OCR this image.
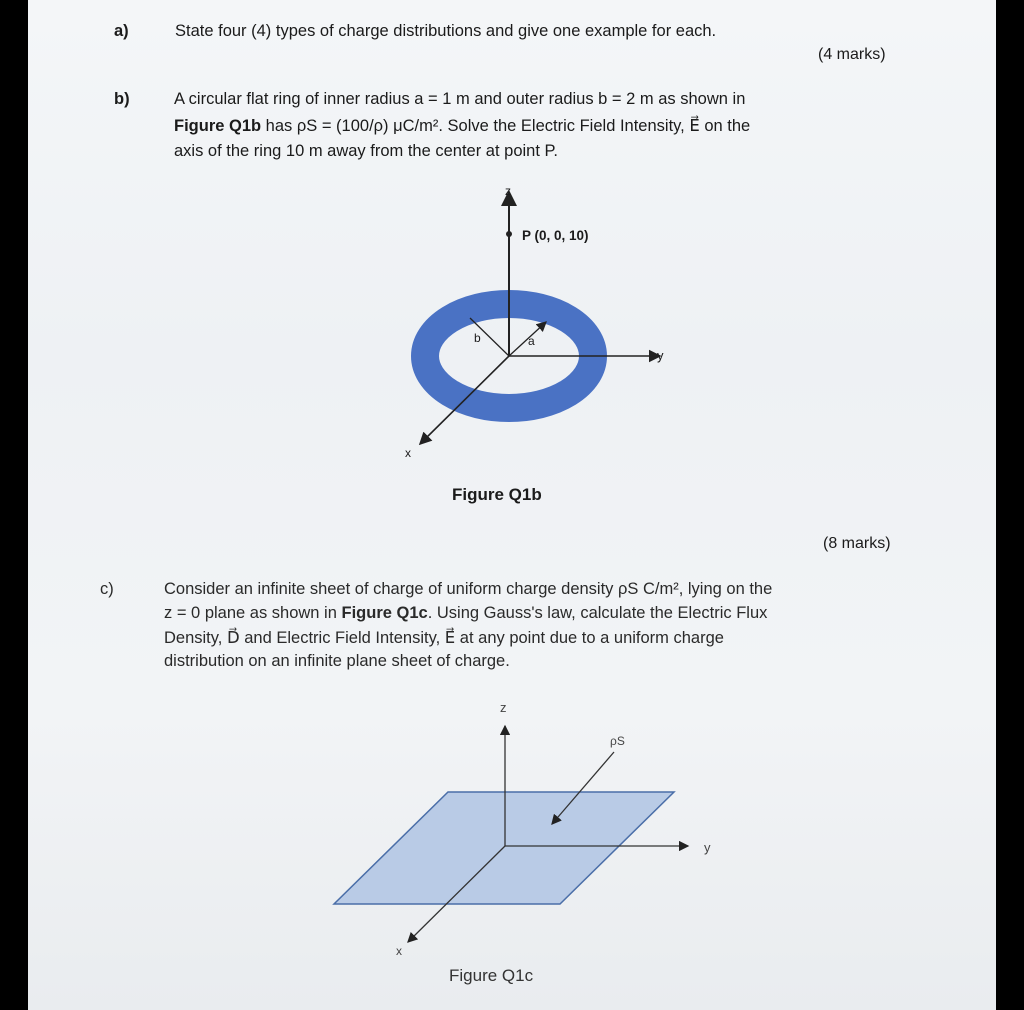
a)	State four (4) types of charge distributions and give one example for each.
(4 marks)
b)	A circular flat ring of inner radius a = 1 m and outer radius b = 2 m as shown in
Figure Q1b has ρS = (100/ρ) μC/m². Solve the Electric Field Intensity, E⃗ on the
axis of the ring 10 m away from the center at point P.
z
P (0, 0, 10)
y
x
b	a
Figure Q1b
(8 marks)
c)	Consider an infinite sheet of charge of uniform charge density ρS C/m², lying on the
z = 0 plane as shown in Figure Q1c. Using Gauss's law, calculate the Electric Flux
Density, D⃗ and Electric Field Intensity, E⃗ at any point due to a uniform charge
distribution on an infinite plane sheet of charge.
z
ρS
y
x
Figure Q1c
